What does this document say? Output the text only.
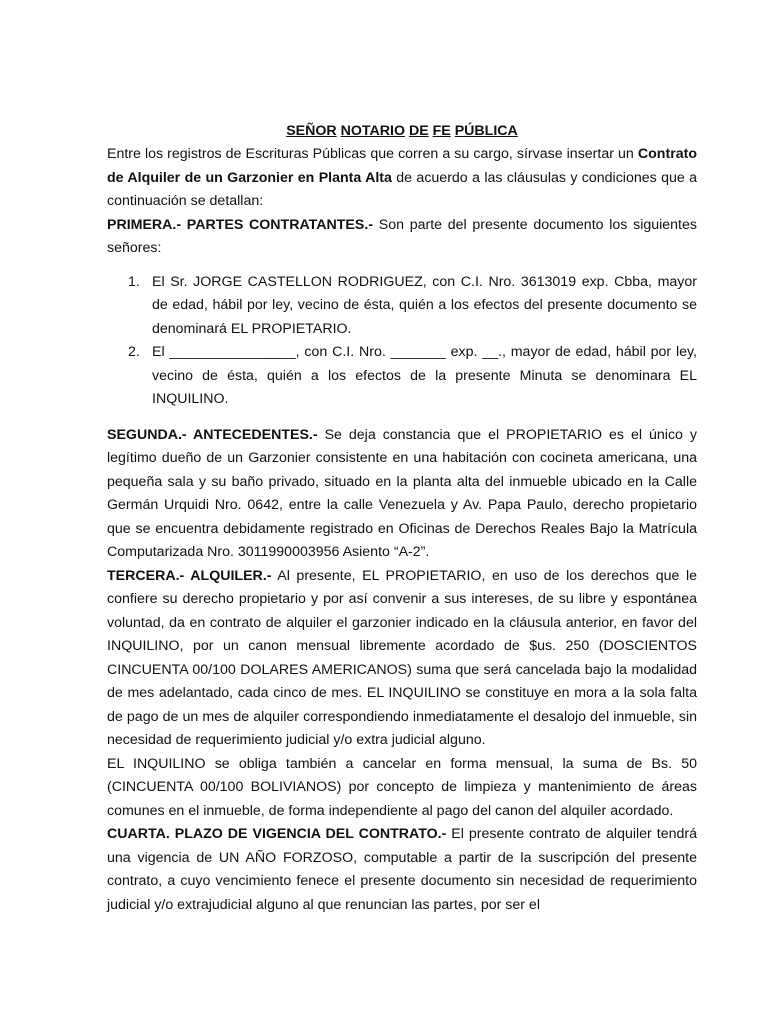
SEÑOR NOTARIO DE FE PÚBLICA

Entre los registros de Escrituras Públicas que corren a su cargo, sírvase insertar un Contrato de Alquiler de un Garzonier en Planta Alta de acuerdo a las cláusulas y condiciones que a continuación se detallan:

PRIMERA.- PARTES CONTRATANTES.- Son parte del presente documento los siguientes señores:

1. El Sr. JORGE CASTELLON RODRIGUEZ, con C.I. Nro. 3613019 exp. Cbba, mayor de edad, hábil por ley, vecino de ésta, quién a los efectos del presente documento se denominará EL PROPIETARIO.
2. El ________________, con C.I. Nro. _______ exp. __., mayor de edad, hábil por ley, vecino de ésta, quién a los efectos de la presente Minuta se denominara EL INQUILINO.

SEGUNDA.- ANTECEDENTES.- Se deja constancia que el PROPIETARIO es el único y legítimo dueño de un Garzonier consistente en una habitación con cocineta americana, una pequeña sala y su baño privado, situado en la planta alta del inmueble ubicado en la Calle Germán Urquidi Nro. 0642, entre la calle Venezuela y Av. Papa Paulo, derecho propietario que se encuentra debidamente registrado en Oficinas de Derechos Reales Bajo la Matrícula Computarizada Nro. 3011990003956 Asiento “A-2”.

TERCERA.- ALQUILER.- Al presente, EL PROPIETARIO, en uso de los derechos que le confiere su derecho propietario y por así convenir a sus intereses, de su libre y espontánea voluntad, da en contrato de alquiler el garzonier indicado en la cláusula anterior, en favor del INQUILINO, por un canon mensual libremente acordado de $us. 250 (DOSCIENTOS CINCUENTA 00/100 DOLARES AMERICANOS) suma que será cancelada bajo la modalidad de mes adelantado, cada cinco de mes. EL INQUILINO se constituye en mora a la sola falta de pago de un mes de alquiler correspondiendo inmediatamente el desalojo del inmueble, sin necesidad de requerimiento judicial y/o extra judicial alguno.

EL INQUILINO se obliga también a cancelar en forma mensual, la suma de Bs. 50 (CINCUENTA 00/100 BOLIVIANOS) por concepto de limpieza y mantenimiento de áreas comunes en el inmueble, de forma independiente al pago del canon del alquiler acordado.

CUARTA. PLAZO DE VIGENCIA DEL CONTRATO.- El presente contrato de alquiler tendrá una vigencia de UN AÑO FORZOSO, computable a partir de la suscripción del presente contrato, a cuyo vencimiento fenece el presente documento sin necesidad de requerimiento judicial y/o extrajudicial alguno al que renuncian las partes, por ser el
